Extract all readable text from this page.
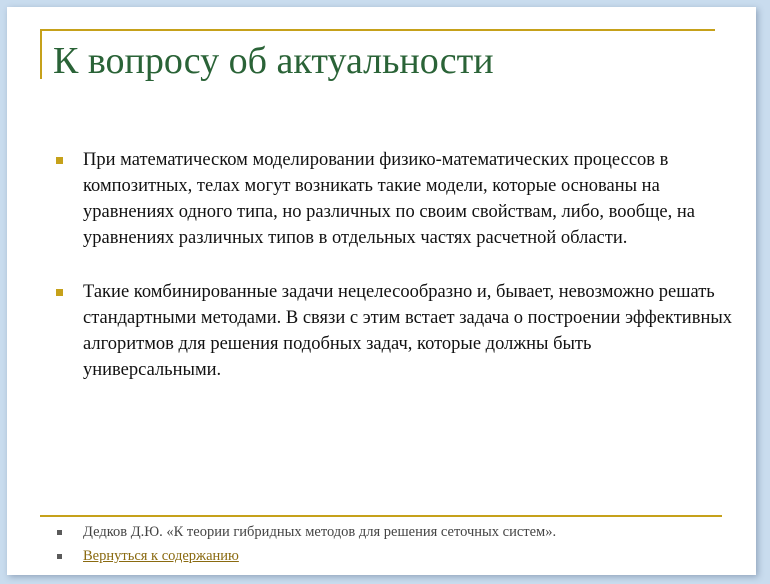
К вопросу об актуальности
При математическом моделировании физико-математических процессов в композитных, телах могут возникать такие модели, которые основаны на уравнениях одного типа, но различных по своим свойствам, либо, вообще, на уравнениях различных типов в отдельных частях расчетной области.
Такие комбинированные задачи нецелесообразно и, бывает, невозможно решать стандартными методами. В связи с этим встает задача о построении эффективных алгоритмов для решения подобных задач, которые должны быть универсальными.
Дедков Д.Ю. «К теории гибридных методов для решения сеточных систем».
Вернуться к содержанию
